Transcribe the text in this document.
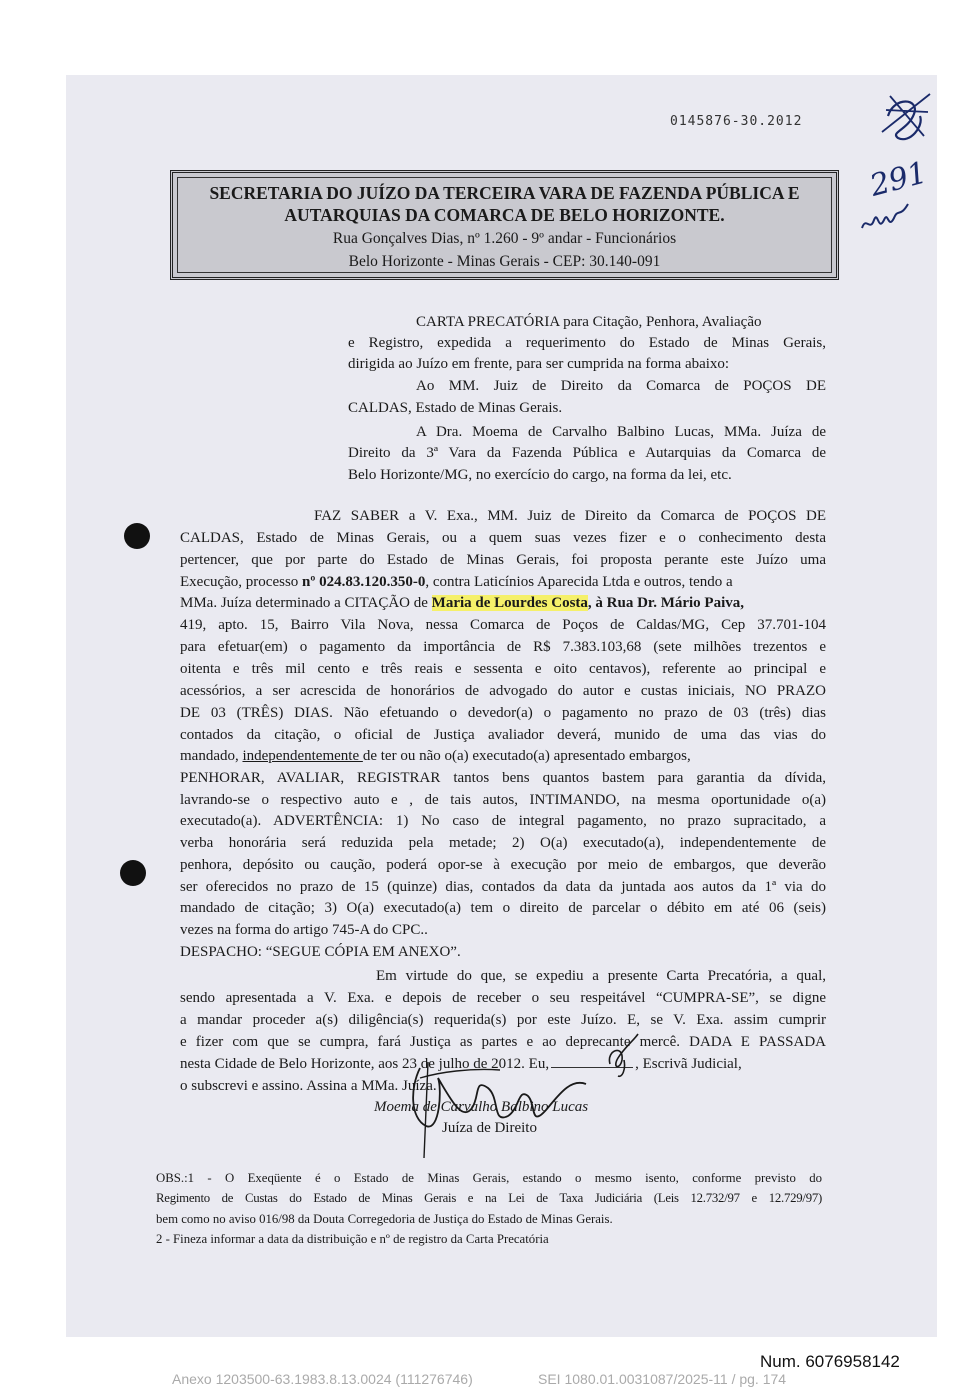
0145876-30.2012
291
SECRETARIA DO JUÍZO DA TERCEIRA VARA DE FAZENDA PÚBLICA E
AUTARQUIAS DA COMARCA DE BELO HORIZONTE.
Rua Gonçalves Dias, nº 1.260 - 9º andar - Funcionários
Belo Horizonte - Minas Gerais - CEP: 30.140-091
CARTA PRECATÓRIA para Citação, Penhora, Avaliação
e Registro, expedida a requerimento do Estado de Minas Gerais,
dirigida ao Juízo em frente, para ser cumprida na forma abaixo:
Ao MM. Juiz de Direito da Comarca de POÇOS DE
CALDAS, Estado de Minas Gerais.
A Dra. Moema de Carvalho Balbino Lucas, MMa. Juíza de
Direito da 3ª Vara da Fazenda Pública e Autarquias da Comarca de
Belo Horizonte/MG, no exercício do cargo, na forma da lei, etc.
FAZ SABER a V. Exa., MM. Juiz de Direito da Comarca de POÇOS DE
CALDAS, Estado de Minas Gerais, ou a quem suas vezes fizer e o conhecimento desta
pertencer, que por parte do Estado de Minas Gerais, foi proposta perante este Juízo uma
Execução, processo nº 024.83.120.350-0, contra Laticínios Aparecida Ltda e outros, tendo a
MMa. Juíza determinado a CITAÇÃO de Maria de Lourdes Costa, à Rua Dr. Mário Paiva,
419, apto. 15, Bairro Vila Nova, nessa Comarca de Poços de Caldas/MG, Cep 37.701-104
para efetuar(em) o pagamento da importância de R$ 7.383.103,68 (sete milhões trezentos e
oitenta e três mil cento e três reais e sessenta e oito centavos), referente ao principal e
acessórios, a ser acrescida de honorários de advogado do autor e custas iniciais, NO PRAZO
DE 03 (TRÊS) DIAS. Não efetuando o devedor(a) o pagamento no prazo de 03 (três) dias
contados da citação, o oficial de Justiça avaliador deverá, munido de uma das vias do
mandado, independentemente de ter ou não o(a) executado(a) apresentado embargos,
PENHORAR, AVALIAR, REGISTRAR tantos bens quantos bastem para garantia da dívida,
lavrando-se o respectivo auto e , de tais autos, INTIMANDO, na mesma oportunidade o(a)
executado(a). ADVERTÊNCIA: 1) No caso de integral pagamento, no prazo supracitado, a
verba honorária será reduzida pela metade; 2) O(a) executado(a), independentemente de
penhora, depósito ou caução, poderá opor-se à execução por meio de embargos, que deverão
ser oferecidos no prazo de 15 (quinze) dias, contados da data da juntada aos autos da 1ª via do
mandado de citação; 3) O(a) executado(a) tem o direito de parcelar o débito em até 06 (seis)
vezes na forma do artigo 745-A do CPC..
DESPACHO: “SEGUE CÓPIA EM ANEXO”.
Em virtude do que, se expediu a presente Carta Precatória, a qual,
sendo apresentada a V. Exa. e depois de receber o seu respeitável “CUMPRA-SE”, se digne
a mandar proceder a(s) diligência(s) requerida(s) por este Juízo. E, se V. Exa. assim cumprir
e fizer com que se cumpra, fará Justiça as partes e ao deprecante mercê. DADA E PASSADA
nesta Cidade de Belo Horizonte, aos 23 de julho de 2012. Eu,	, Escrivã Judicial,
o subscrevi e assino. Assina a MMa. Juíza.
Moema de Carvalho Balbino Lucas
Juíza de Direito
OBS.:1 - O Exeqüente é o Estado de Minas Gerais, estando o mesmo isento, conforme previsto do
Regimento de Custas do Estado de Minas Gerais e na Lei de Taxa Judiciária (Leis 12.732/97 e 12.729/97)
bem como no aviso 016/98 da Douta Corregedoria de Justiça do Estado de Minas Gerais.
2 - Fineza informar a data da distribuição e nº de registro da Carta Precatória
Num. 6076958142
Anexo 1203500-63.1983.8.13.0024 (111276746)	SEI 1080.01.0031087/2025-11 / pg. 174
